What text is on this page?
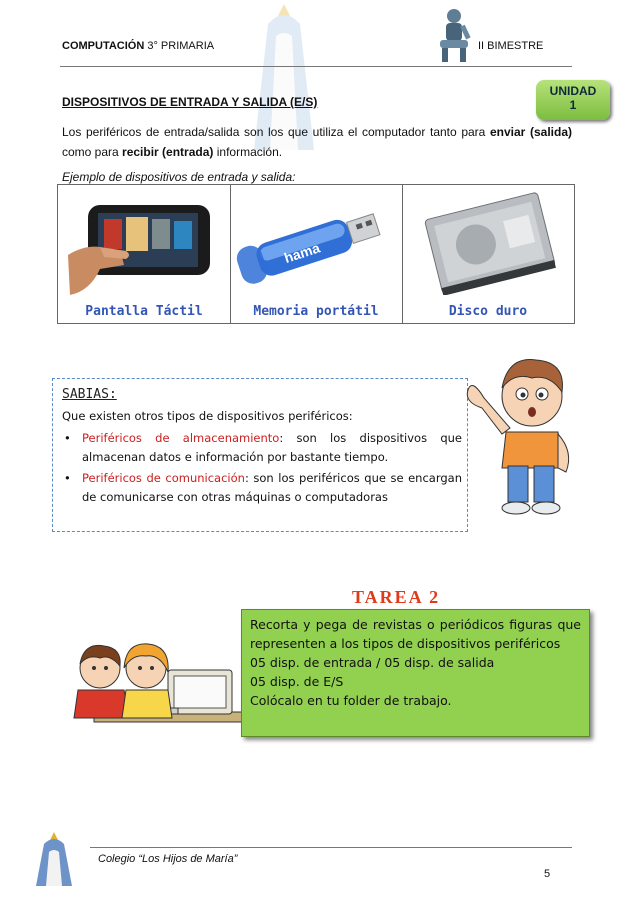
COMPUTACIÓN 3° PRIMARIA	II BIMESTRE
UNIDAD
1
DISPOSITIVOS DE ENTRADA Y SALIDA (E/S)
Los periféricos de entrada/salida son los que utiliza el computador tanto para enviar (salida) como para recibir (entrada) información.
Ejemplo de dispositivos de entrada y salida:
Pantalla Táctil
hama
Memoria portátil	Disco duro
SABIAS:
Que existen otros tipos de dispositivos periféricos:
• Periféricos de almacenamiento: son los dispositivos que almacenan datos e información por bastante tiempo.
• Periféricos de comunicación: son los periféricos que se encargan de comunicarse con otras máquinas o computadoras
TAREA 2
Recorta y pega de revistas o periódicos figuras que representen a los tipos de dispositivos periféricos
05 disp. de entrada / 05 disp. de salida
05 disp. de E/S
Colócalo en tu folder de trabajo.
Colegio “Los Hijos de María”
5
